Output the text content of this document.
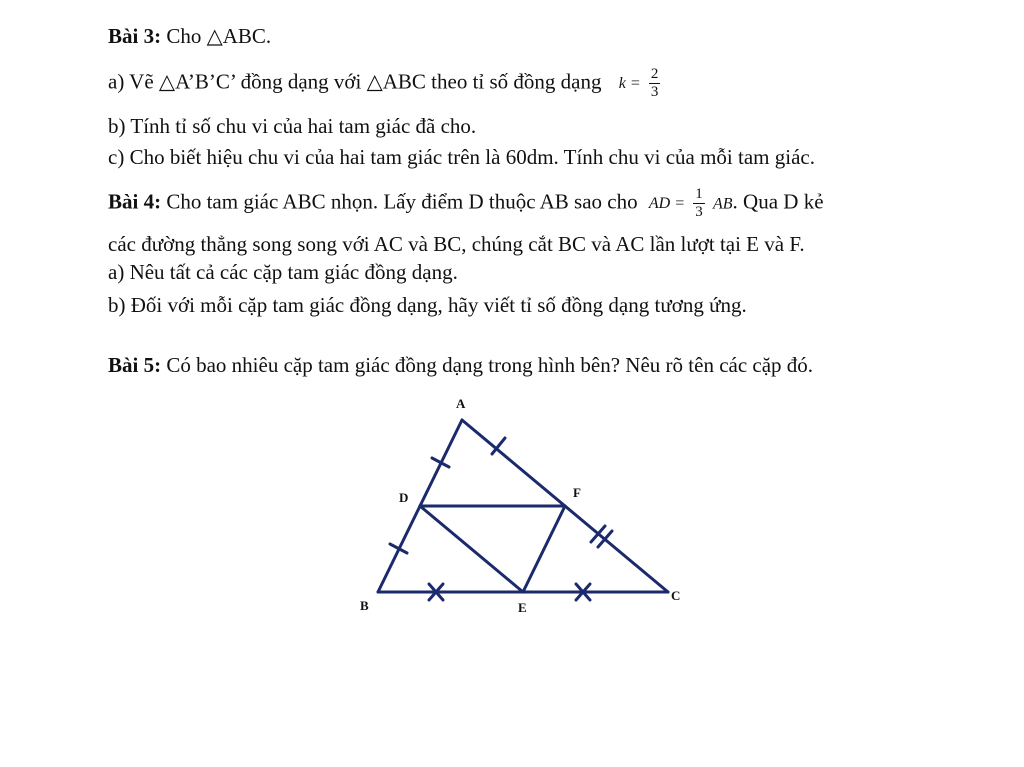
Bài 3: Cho △ABC.
a) Vẽ △A’B’C’ đồng dạng với △ABC theo tỉ số đồng dạng $k = \frac{2}{3}$
b) Tính tỉ số chu vi của hai tam giác đã cho.
c) Cho biết hiệu chu vi của hai tam giác trên là 60dm. Tính chu vi của mỗi tam giác.
Bài 4: Cho tam giác ABC nhọn. Lấy điểm D thuộc AB sao cho AD = $\frac{1}{3}$ AB. Qua D kẻ
các đường thẳng song song với AC và BC, chúng cắt BC và AC lần lượt tại E và F.
a) Nêu tất cả các cặp tam giác đồng dạng.
b) Đối với mỗi cặp tam giác đồng dạng, hãy viết tỉ số đồng dạng tương ứng.
Bài 5: Có bao nhiêu cặp tam giác đồng dạng trong hình bên? Nêu rõ tên các cặp đó.
A
D	F
B	E
C
